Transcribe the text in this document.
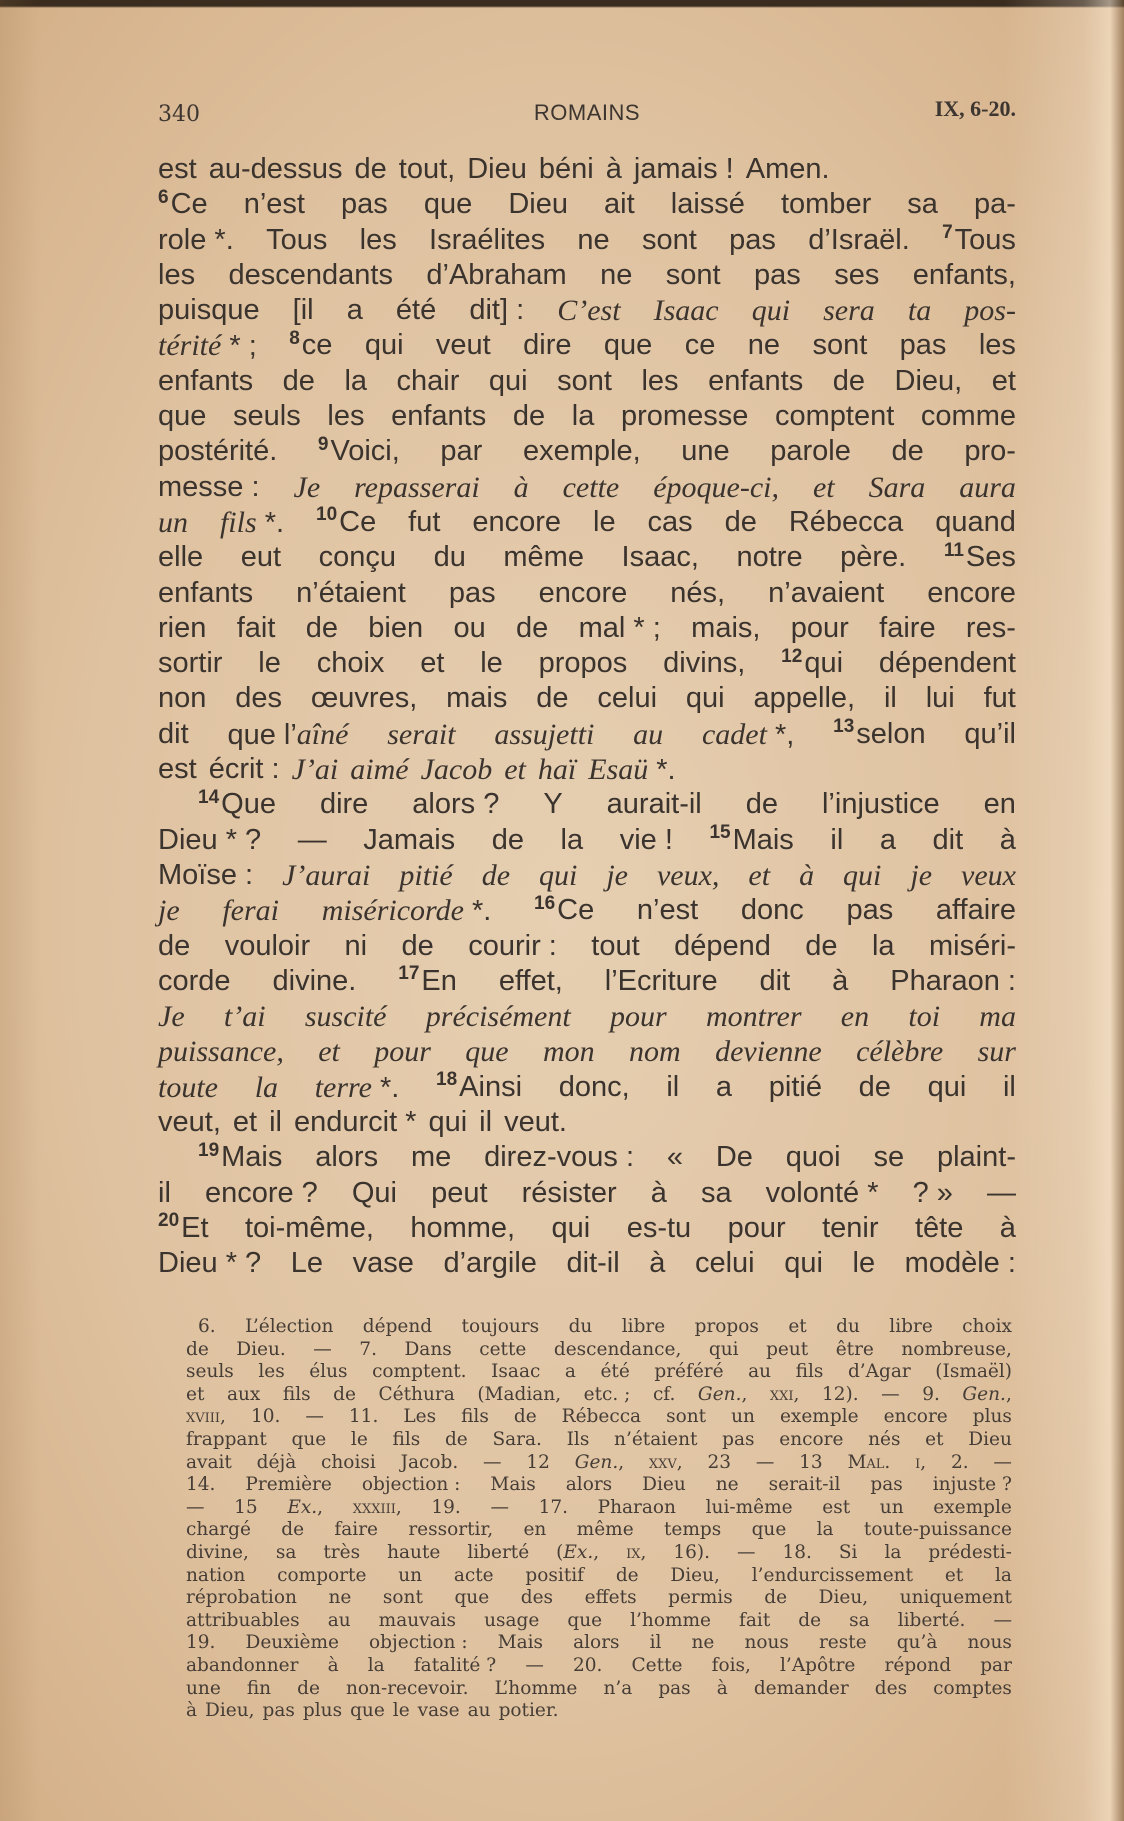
340	ROMAINS	IX, 6-20.
est au-dessus de tout, Dieu béni à jamais ! Amen.
$^6$Ce n’est pas que Dieu ait laissé tomber sa pa-
role *. Tous les Israélites ne sont pas d’Israël. $^7$Tous
les descendants d’Abraham ne sont pas ses enfants,
puisque [il a été dit] : C’est Isaac qui sera ta pos-
térité * ; $^8$ce qui veut dire que ce ne sont pas les
enfants de la chair qui sont les enfants de Dieu, et
que seuls les enfants de la promesse comptent comme
postérité. $^9$Voici, par exemple, une parole de pro-
messe : Je repasserai à cette époque-ci, et Sara aura
un fils *. $^{10}$Ce fut encore le cas de Rébecca quand
elle eut conçu du même Isaac, notre père. $^{11}$Ses
enfants n’étaient pas encore nés, n’avaient encore
rien fait de bien ou de mal * ; mais, pour faire res-
sortir le choix et le propos divins, $^{12}$qui dépendent
non des œuvres, mais de celui qui appelle, il lui fut
dit que l’aîné serait assujetti au cadet *, $^{13}$selon qu’il
est écrit : J’ai aimé Jacob et haï Esaü *.
$^{14}$Que dire alors ? Y aurait-il de l’injustice en
Dieu * ? — Jamais de la vie ! $^{15}$Mais il a dit à
Moïse : J’aurai pitié de qui je veux, et à qui je veux
je ferai miséricorde *. $^{16}$Ce n’est donc pas affaire
de vouloir ni de courir : tout dépend de la miséri-
corde divine. $^{17}$En effet, l’Ecriture dit à Pharaon :
Je t’ai suscité précisément pour montrer en toi ma
puissance, et pour que mon nom devienne célèbre sur
toute la terre *. $^{18}$Ainsi donc, il a pitié de qui il
veut, et il endurcit * qui il veut.
$^{19}$Mais alors me direz-vous : « De quoi se plaint-
il encore ? Qui peut résister à sa volonté * ? » —
$^{20}$Et toi-même, homme, qui es-tu pour tenir tête à
Dieu * ? Le vase d’argile dit-il à celui qui le modèle :
6. L’élection dépend toujours du libre propos et du libre choix
de Dieu. — 7. Dans cette descendance, qui peut être nombreuse,
seuls les élus comptent. Isaac a été préféré au fils d’Agar (Ismaël)
et aux fils de Céthura (Madian, etc. ; cf. Gen., xxi, 12). — 9. Gen.,
xviii, 10. — 11. Les fils de Rébecca sont un exemple encore plus
frappant que le fils de Sara. Ils n’étaient pas encore nés et Dieu
avait déjà choisi Jacob. — 12 Gen., xxv, 23 — 13 Mal. i, 2. —
14. Première objection : Mais alors Dieu ne serait-il pas injuste ?
— 15 Ex., xxxiii, 19. — 17. Pharaon lui-même est un exemple
chargé de faire ressortir, en même temps que la toute-puissance
divine, sa très haute liberté (Ex., ix, 16). — 18. Si la prédesti-
nation comporte un acte positif de Dieu, l’endurcissement et la
réprobation ne sont que des effets permis de Dieu, uniquement
attribuables au mauvais usage que l’homme fait de sa liberté. —
19. Deuxième objection : Mais alors il ne nous reste qu’à nous
abandonner à la fatalité ? — 20. Cette fois, l’Apôtre répond par
une fin de non-recevoir. L’homme n’a pas à demander des comptes
à Dieu, pas plus que le vase au potier.
